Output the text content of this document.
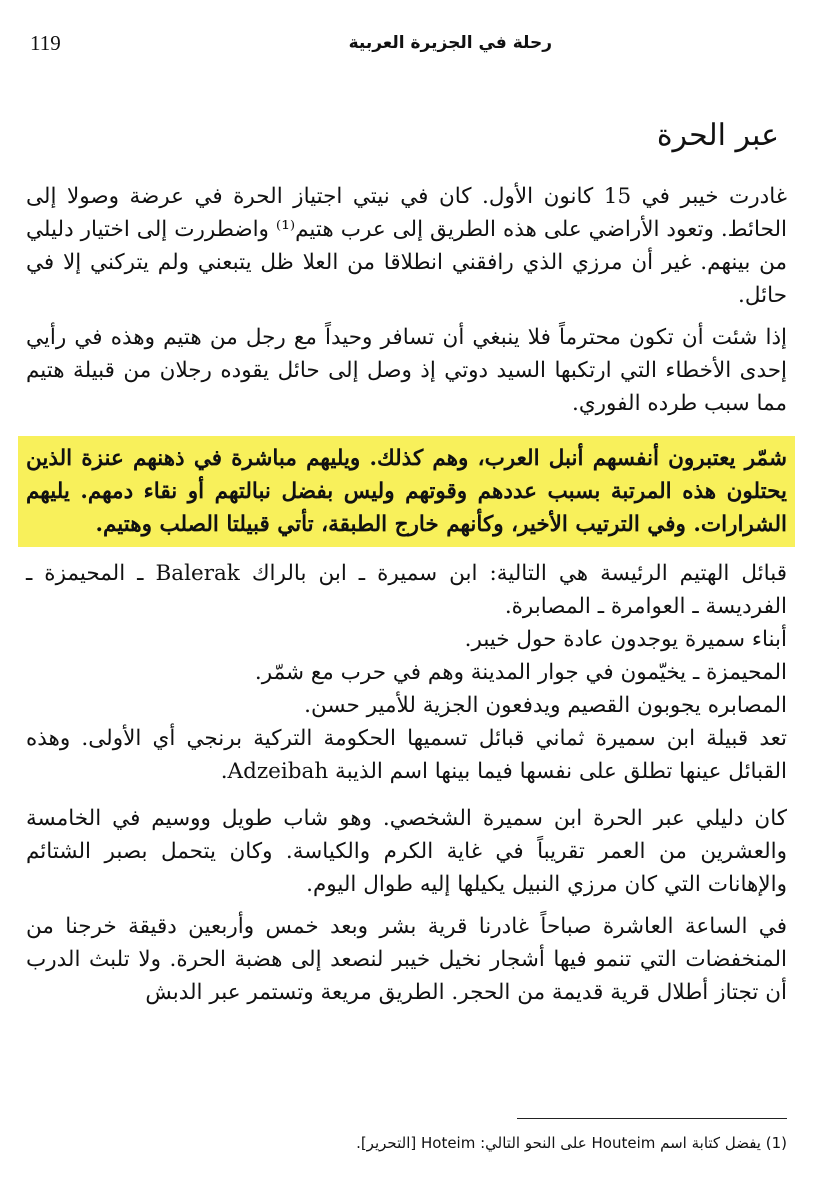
119	رحلة في الجزيرة العربية
عبر الحرة

غادرت خيبر في 15 كانون الأول. كان في نيتي اجتياز الحرة في عرضة وصولا إلى الحائط. وتعود الأراضي على هذه الطريق إلى عرب هتيم⁽¹⁾ واضطررت إلى اختيار دليلي من بينهم. غير أن مرزي الذي رافقني انطلاقا من العلا ظل يتبعني ولم يتركني إلا في حائل.

إذا شئت أن تكون محترماً فلا ينبغي أن تسافر وحيداً مع رجل من هتيم وهذه في رأيي إحدى الأخطاء التي ارتكبها السيد دوتي إذ وصل إلى حائل يقوده رجلان من قبيلة هتيم مما سبب طرده الفوري.

شمّر يعتبرون أنفسهم أنبل العرب، وهم كذلك. ويليهم مباشرة في ذهنهم عنزة الذين يحتلون هذه المرتبة بسبب عددهم وقوتهم وليس بفضل نبالتهم أو نقاء دمهم. يليهم الشرارات. وفي الترتيب الأخير، وكأنهم خارج الطبقة، تأتي قبيلتا الصلب وهتيم.

قبائل الهتيم الرئيسة هي التالية: ابن سميرة ـ ابن بالراك Balerak ـ المحيمزة ـ الفرديسة ـ العوامرة ـ المصابرة.

أبناء سميرة يوجدون عادة حول خيبر.

المحيمزة ـ يخيّمون في جوار المدينة وهم في حرب مع شمّر.

المصابره يجوبون القصيم ويدفعون الجزية للأمير حسن.

تعد قبيلة ابن سميرة ثماني قبائل تسميها الحكومة التركية برنجي أي الأولى. وهذه القبائل عينها تطلق على نفسها فيما بينها اسم الذيبة Adzeibah.

كان دليلي عبر الحرة ابن سميرة الشخصي. وهو شاب طويل ووسيم في الخامسة والعشرين من العمر تقريباً في غاية الكرم والكياسة. وكان يتحمل بصبر الشتائم والإهانات التي كان مرزي النبيل يكيلها إليه طوال اليوم.

في الساعة العاشرة صباحاً غادرنا قرية بشر وبعد خمس وأربعين دقيقة خرجنا من المنخفضات التي تنمو فيها أشجار نخيل خيبر لنصعد إلى هضبة الحرة. ولا تلبث الدرب أن تجتاز أطلال قرية قديمة من الحجر. الطريق مريعة وتستمر عبر الدبش

(1) يفضل كتابة اسم Houteim على النحو التالي: Hoteim [التحرير].
